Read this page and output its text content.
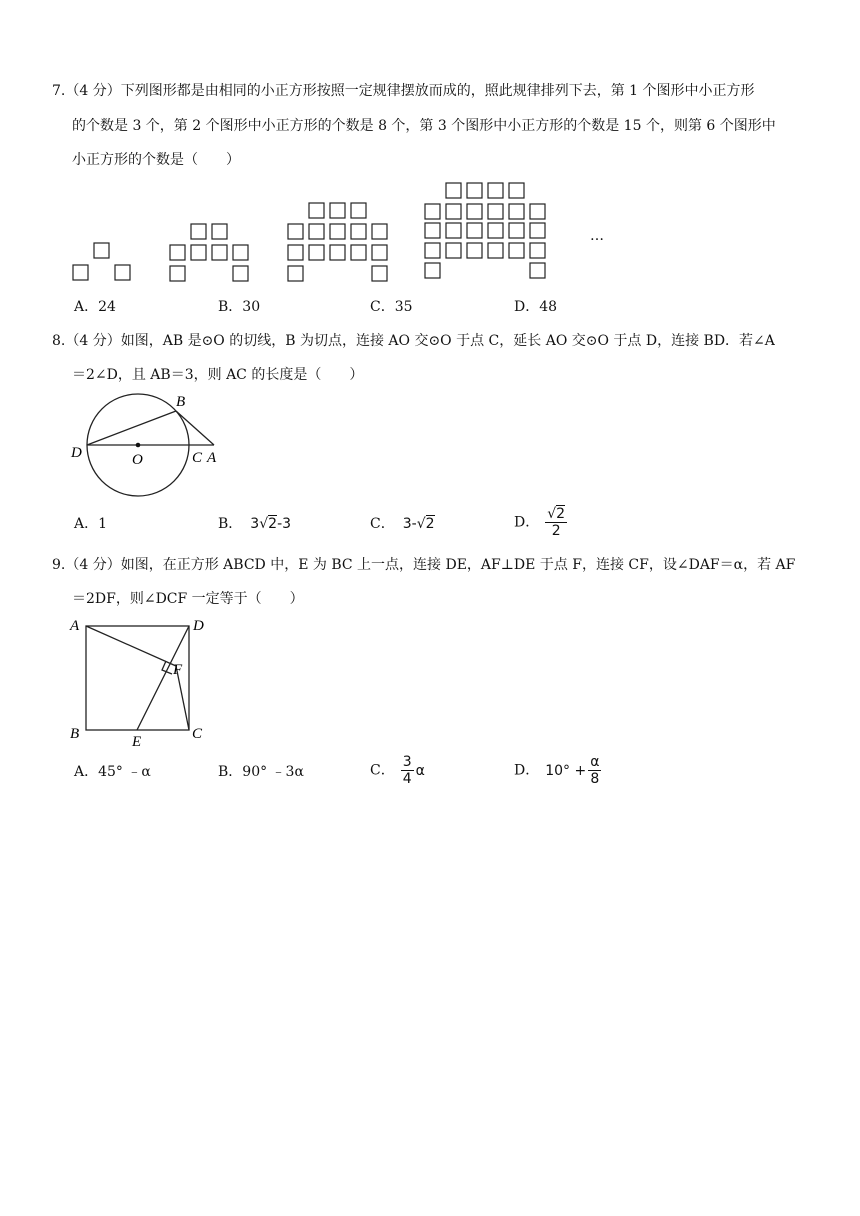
7.（4 分）下列图形都是由相同的小正方形按照一定规律摆放而成的，照此规律排列下去，第 1 个图形中小正方形
的个数是 3 个，第 2 个图形中小正方形的个数是 8 个，第 3 个图形中小正方形的个数是 15 个，则第 6 个图形中
小正方形的个数是（　　）
…
A．24	B．30	C．35	D．48
8.（4 分）如图，AB 是⊙O 的切线，B 为切点，连接 AO 交⊙O 于点 C，延长 AO 交⊙O 于点 D，连接 BD．若∠A
＝2∠D，且 AB＝3，则 AC 的长度是（　　）
B
D	O	C A
A．1	B． 3√2-3	C． 3-√2	D． $\frac{√2}{2}$
9.（4 分）如图，在正方形 ABCD 中，E 为 BC 上一点，连接 DE，AF⊥DE 于点 F，连接 CF，设∠DAF＝α，若 AF
＝2DF，则∠DCF 一定等于（　　）
A	D
F
B	E	C
A．45° ﹣α	B．90° ﹣3α	C． $\frac{3}{4}$ α	D． $10^\circ + \frac{\alpha}{8}$
